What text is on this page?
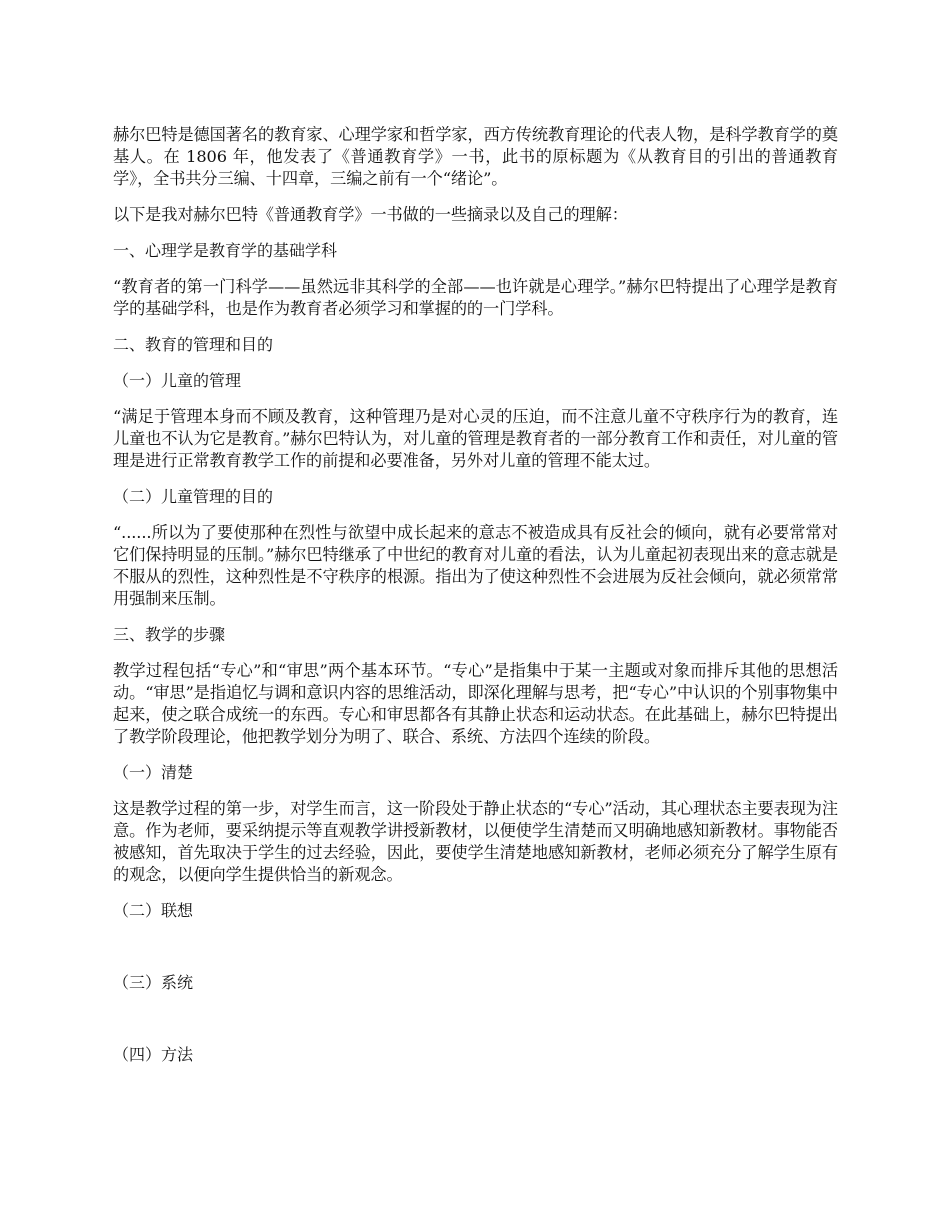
赫尔巴特是德国著名的教育家、心理学家和哲学家，西方传统教育理论的代表人物，是科学教育学的奠基人。在 1806 年，他发表了《普通教育学》一书，此书的原标题为《从教育目的引出的普通教育学》，全书共分三编、十四章，三编之前有一个“绪论”。

以下是我对赫尔巴特《普通教育学》一书做的一些摘录以及自己的理解：

一、心理学是教育学的基础学科

“教育者的第一门科学——虽然远非其科学的全部——也许就是心理学。”赫尔巴特提出了心理学是教育学的基础学科，也是作为教育者必须学习和掌握的的一门学科。

二、教育的管理和目的

（一）儿童的管理

“满足于管理本身而不顾及教育，这种管理乃是对心灵的压迫，而不注意儿童不守秩序行为的教育，连儿童也不认为它是教育。”赫尔巴特认为，对儿童的管理是教育者的一部分教育工作和责任，对儿童的管理是进行正常教育教学工作的前提和必要准备，另外对儿童的管理不能太过。

（二）儿童管理的目的

“......所以为了要使那种在烈性与欲望中成长起来的意志不被造成具有反社会的倾向，就有必要常常对它们保持明显的压制。”赫尔巴特继承了中世纪的教育对儿童的看法，认为儿童起初表现出来的意志就是不服从的烈性，这种烈性是不守秩序的根源。指出为了使这种烈性不会进展为反社会倾向，就必须常常用强制来压制。

三、教学的步骤

教学过程包括“专心”和“审思”两个基本环节。“专心”是指集中于某一主题或对象而排斥其他的思想活动。“审思”是指追忆与调和意识内容的思维活动，即深化理解与思考，把“专心”中认识的个别事物集中起来，使之联合成统一的东西。专心和审思都各有其静止状态和运动状态。在此基础上，赫尔巴特提出了教学阶段理论，他把教学划分为明了、联合、系统、方法四个连续的阶段。

（一）清楚

这是教学过程的第一步，对学生而言，这一阶段处于静止状态的“专心”活动，其心理状态主要表现为注意。作为老师，要采纳提示等直观教学讲授新教材，以便使学生清楚而又明确地感知新教材。事物能否被感知，首先取决于学生的过去经验，因此，要使学生清楚地感知新教材，老师必须充分了解学生原有的观念，以便向学生提供恰当的新观念。

（二）联想

（三）系统

（四）方法
